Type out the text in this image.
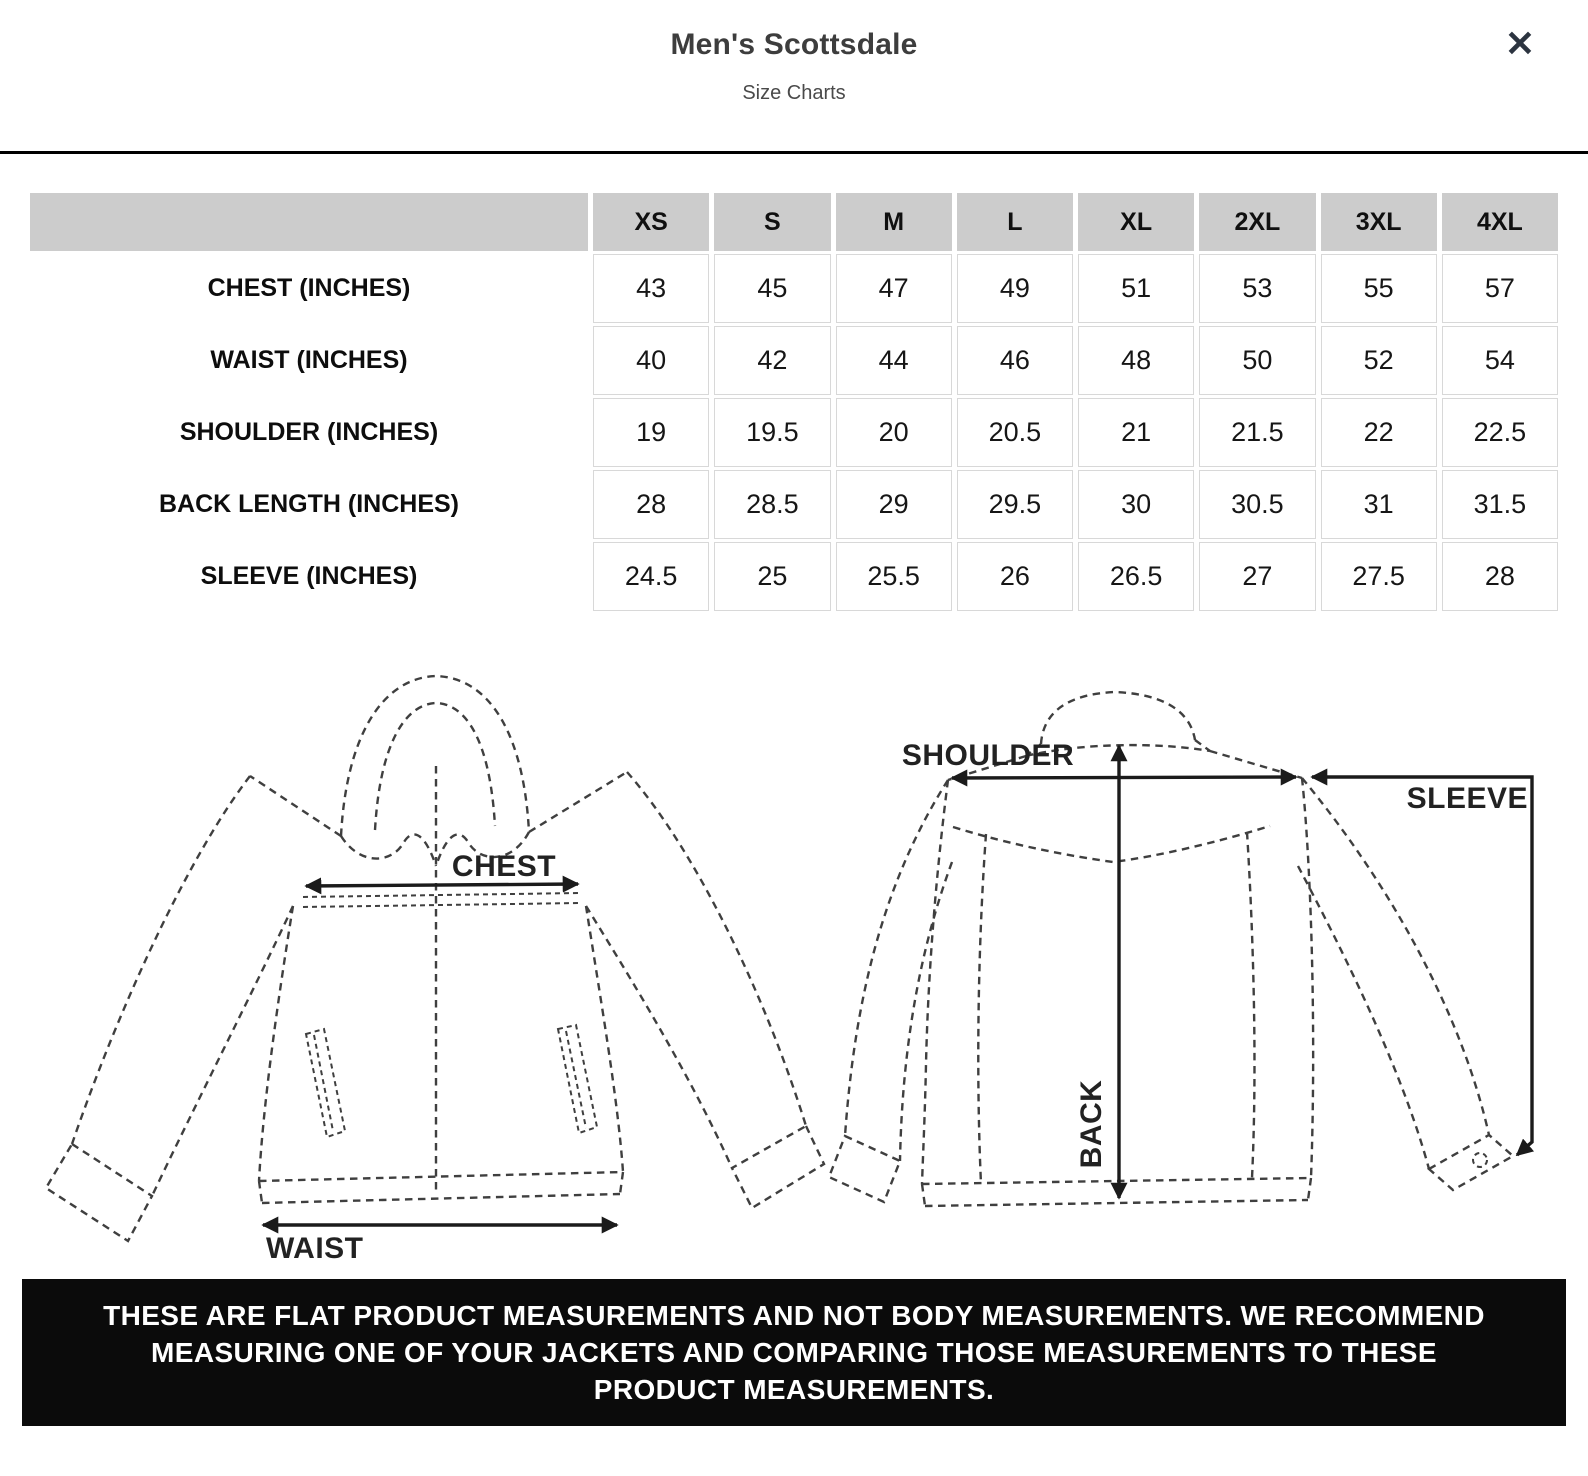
Men's Scottsdale
Size Charts
✕
	XS	S	M	L	XL	2XL	3XL	4XL
CHEST (INCHES)	43	45	47	49	51	53	55	57
WAIST (INCHES)	40	42	44	46	48	50	52	54
SHOULDER (INCHES)	19	19.5	20	20.5	21	21.5	22	22.5
BACK LENGTH (INCHES)	28	28.5	29	29.5	30	30.5	31	31.5
SLEEVE (INCHES)	24.5	25	25.5	26	26.5	27	27.5	28
CHEST
WAIST
SHOULDER
BACK
SLEEVE
THESE ARE FLAT PRODUCT MEASUREMENTS AND NOT BODY MEASUREMENTS. WE RECOMMEND MEASURING ONE OF YOUR JACKETS AND COMPARING THOSE MEASUREMENTS TO THESE PRODUCT MEASUREMENTS.
